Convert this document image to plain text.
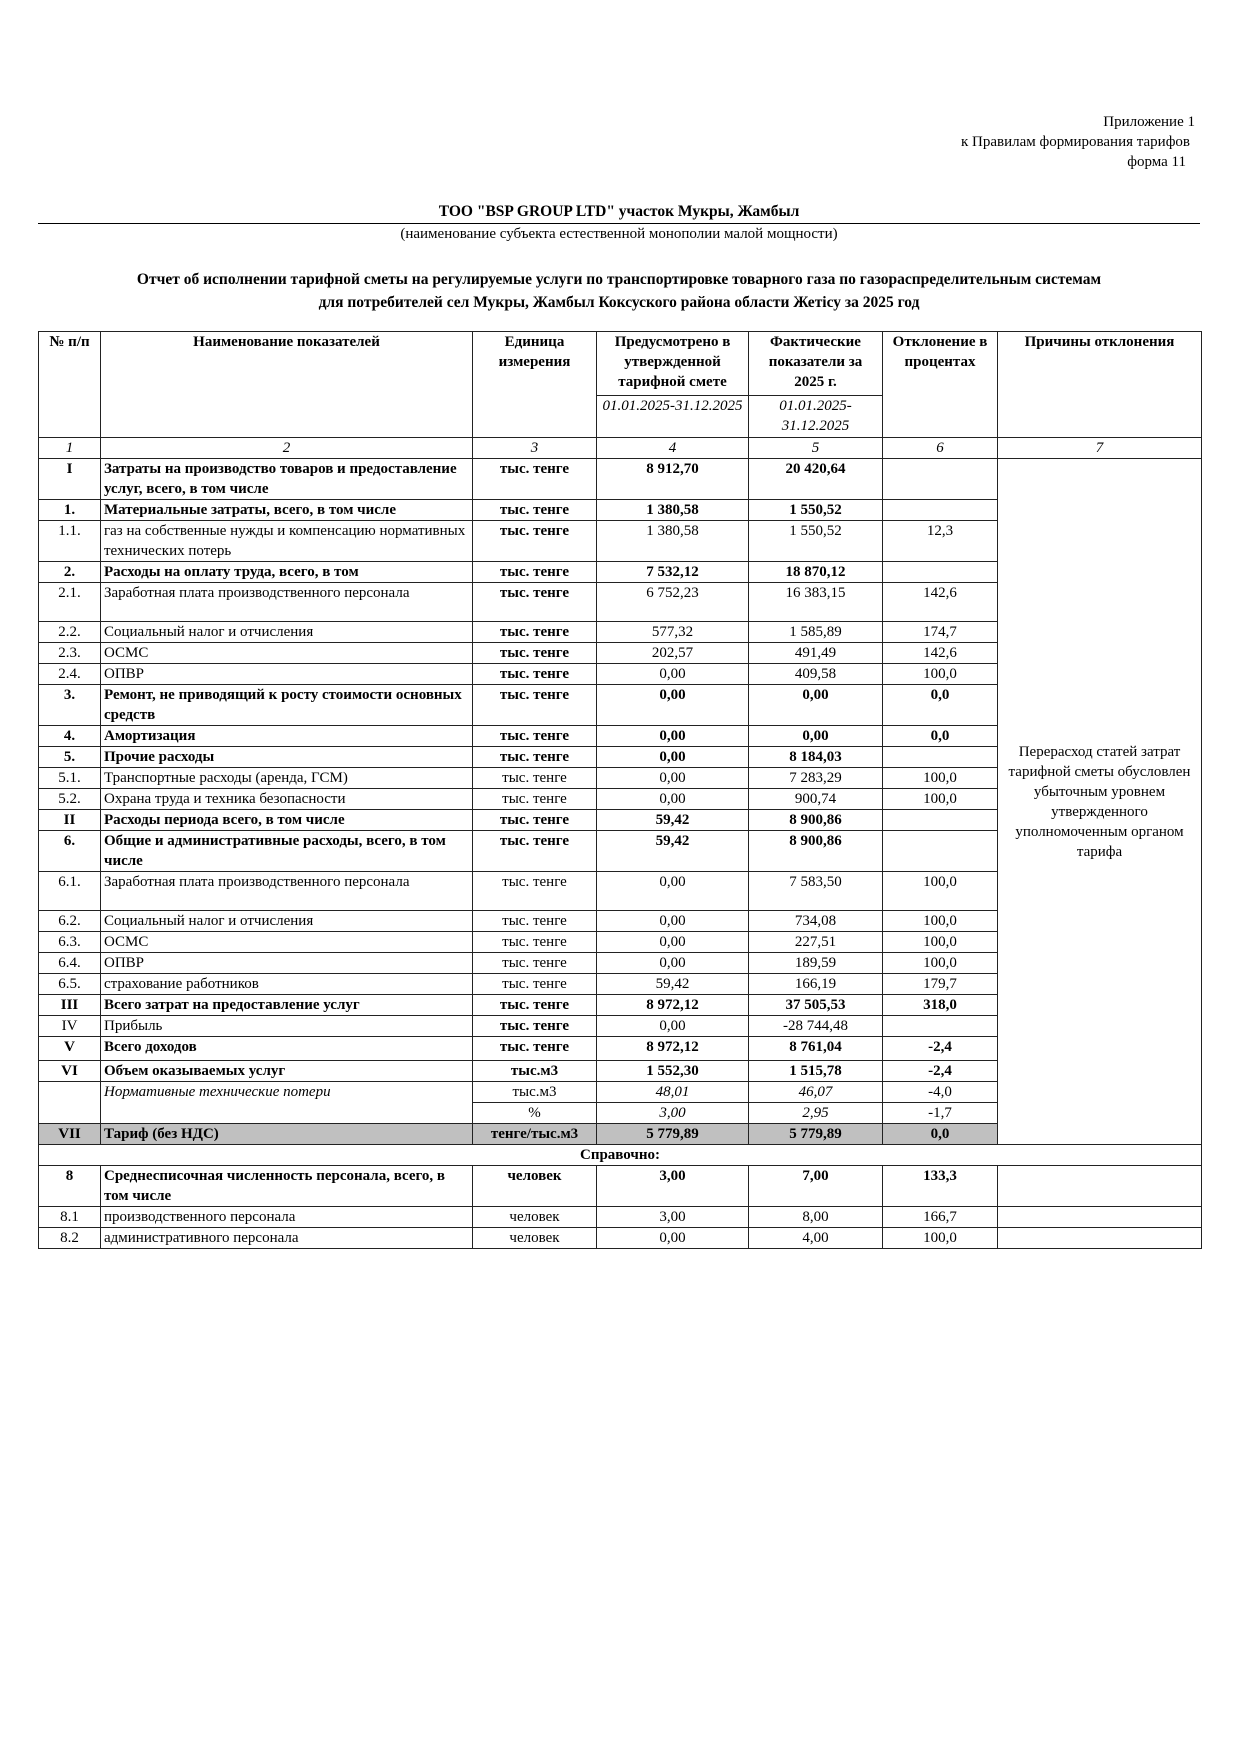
Приложение 1
к Правилам формирования тарифов
форма 11
ТОО "BSP GROUP LTD" участок Мукры, Жамбыл
(наименование субъекта естественной монополии малой мощности)
Отчет об исполнении тарифной сметы на регулируемые услуги по транспортировке товарного газа по газораспределительным системам
для потребителей сел Мукры, Жамбыл Коксуского района области Жетісу за 2025 год
№ п/п	Наименование показателей	Единица измерения	Предусмотрено в утвержденной тарифной смете	Фактические показатели за 2025 г.	Отклонение в процентах	Причины отклонения
			01.01.2025-31.12.2025	01.01.2025-31.12.2025		
1	2	3	4	5	6	7
I	Затраты на производство товаров и предоставление услуг, всего, в том числе	тыс. тенге	8 912,70	20 420,64		Перерасход статей затрат тарифной сметы обусловлен убыточным уровнем утвержденного уполномоченным органом тарифа
1.	Материальные затраты, всего, в том числе	тыс. тенге	1 380,58	1 550,52		
1.1.	газ на собственные нужды и компенсацию нормативных технических потерь	тыс. тенге	1 380,58	1 550,52	12,3	
2.	Расходы на оплату труда, всего, в том	тыс. тенге	7 532,12	18 870,12		
2.1.	Заработная плата производственного персонала	тыс. тенге	6 752,23	16 383,15	142,6	
2.2.	Социальный налог и отчисления	тыс. тенге	577,32	1 585,89	174,7	
2.3.	ОСМС	тыс. тенге	202,57	491,49	142,6	
2.4.	ОПВР	тыс. тенге	0,00	409,58	100,0	
3.	Ремонт, не приводящий к росту стоимости основных средств	тыс. тенге	0,00	0,00	0,0	
4.	Амортизация	тыс. тенге	0,00	0,00	0,0	
5.	Прочие расходы	тыс. тенге	0,00	8 184,03		
5.1.	Транспортные расходы (аренда, ГСМ)	тыс. тенге	0,00	7 283,29	100,0	
5.2.	Охрана труда и техника безопасности	тыс. тенге	0,00	900,74	100,0	
II	Расходы периода всего, в том числе	тыс. тенге	59,42	8 900,86		
6.	Общие и административные расходы, всего, в том числе	тыс. тенге	59,42	8 900,86		
6.1.	Заработная плата производственного персонала	тыс. тенге	0,00	7 583,50	100,0	
6.2.	Социальный налог и отчисления	тыс. тенге	0,00	734,08	100,0	
6.3.	ОСМС	тыс. тенге	0,00	227,51	100,0	
6.4.	ОПВР	тыс. тенге	0,00	189,59	100,0	
6.5.	страхование работников	тыс. тенге	59,42	166,19	179,7	
III	Всего затрат на предоставление услуг	тыс. тенге	8 972,12	37 505,53	318,0	
IV	Прибыль	тыс. тенге	0,00	-28 744,48		
V	Всего доходов	тыс. тенге	8 972,12	8 761,04	-2,4	
VI	Объем оказываемых услуг	тыс.м3	1 552,30	1 515,78	-2,4	
	Нормативные технические потери	тыс.м3	48,01	46,07	-4,0	
		%	3,00	2,95	-1,7	
VII	Тариф (без НДС)	тенге/тыс.м3	5 779,89	5 779,89	0,0	
Справочно:						
8	Среднесписочная численность персонала, всего, в том числе	человек	3,00	7,00	133,3	
8.1	производственного персонала	человек	3,00	8,00	166,7	
8.2	административного персонала	человек	0,00	4,00	100,0	
